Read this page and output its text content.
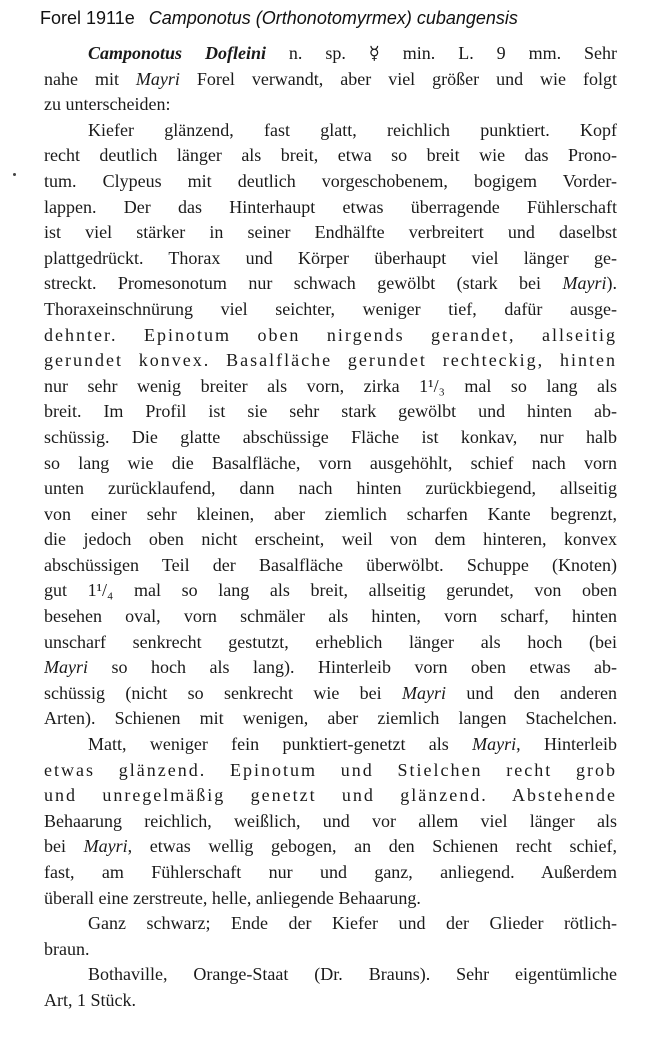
Forel 1911e Camponotus (Orthonotomyrmex) cubangensis
Camponotus Dofleini n. sp. ☿ min. L. 9 mm. Sehr
nahe mit Mayri Forel verwandt, aber viel größer und wie folgt
zu unterscheiden:
Kiefer glänzend, fast glatt, reichlich punktiert. Kopf
recht deutlich länger als breit, etwa so breit wie das Prono-
tum. Clypeus mit deutlich vorgeschobenem, bogigem Vorder-
lappen. Der das Hinterhaupt etwas überragende Fühlerschaft
ist viel stärker in seiner Endhälfte verbreitert und daselbst
plattgedrückt. Thorax und Körper überhaupt viel länger ge-
streckt. Promesonotum nur schwach gewölbt (stark bei Mayri).
Thoraxeinschnürung viel seichter, weniger tief, dafür ausge-
dehnter. Epinotum oben nirgends gerandet, allseitig
gerundet konvex. Basalfläche gerundet rechteckig, hinten
nur sehr wenig breiter als vorn, zirka 1¹/₃ mal so lang als
breit. Im Profil ist sie sehr stark gewölbt und hinten ab-
schüssig. Die glatte abschüssige Fläche ist konkav, nur halb
so lang wie die Basalfläche, vorn ausgehöhlt, schief nach vorn
unten zurücklaufend, dann nach hinten zurückbiegend, allseitig
von einer sehr kleinen, aber ziemlich scharfen Kante begrenzt,
die jedoch oben nicht erscheint, weil von dem hinteren, konvex
abschüssigen Teil der Basalfläche überwölbt. Schuppe (Knoten)
gut 1¹/₄ mal so lang als breit, allseitig gerundet, von oben
besehen oval, vorn schmäler als hinten, vorn scharf, hinten
unscharf senkrecht gestutzt, erheblich länger als hoch (bei
Mayri so hoch als lang). Hinterleib vorn oben etwas ab-
schüssig (nicht so senkrecht wie bei Mayri und den anderen
Arten). Schienen mit wenigen, aber ziemlich langen Stachelchen.
Matt, weniger fein punktiert-genetzt als Mayri, Hinterleib
etwas glänzend. Epinotum und Stielchen recht grob
und unregelmäßig genetzt und glänzend. Abstehende
Behaarung reichlich, weißlich, und vor allem viel länger als
bei Mayri, etwas wellig gebogen, an den Schienen recht schief,
fast, am Fühlerschaft nur und ganz, anliegend. Außerdem
überall eine zerstreute, helle, anliegende Behaarung.
Ganz schwarz; Ende der Kiefer und der Glieder rötlich-
braun.
Bothaville, Orange-Staat (Dr. Brauns). Sehr eigentümliche
Art, 1 Stück.
